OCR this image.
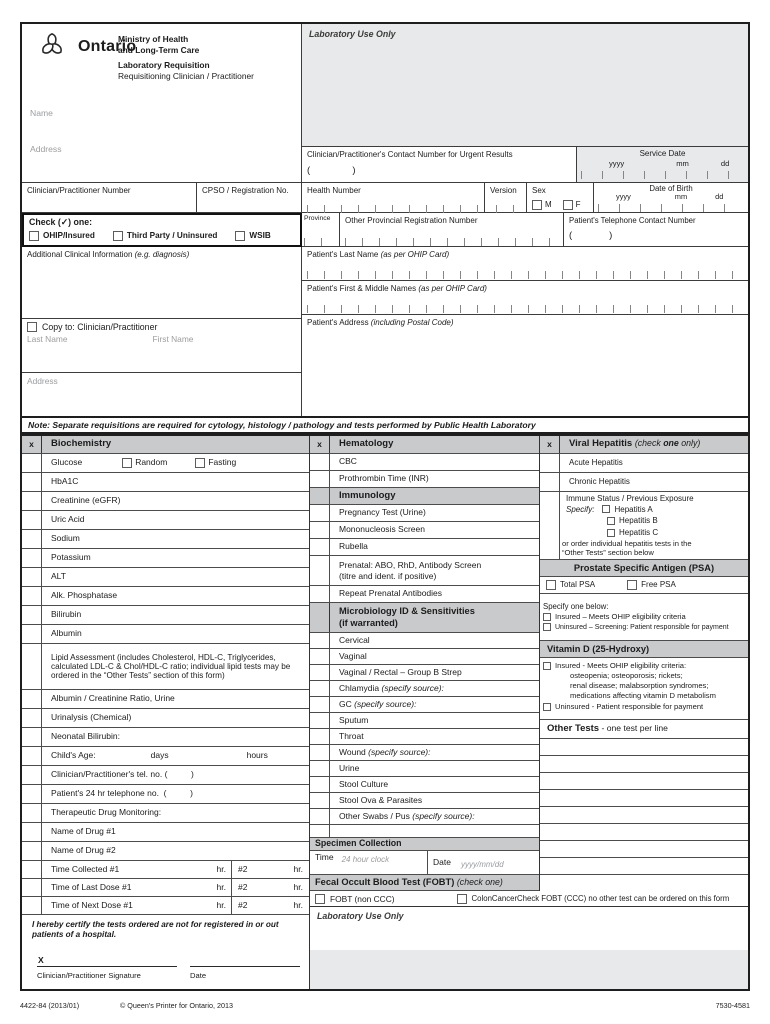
Ontario
Ministry of Health
and Long-Term Care
Laboratory Requisition
Requisitioning Clinician / Practitioner
Name
Address
Laboratory Use Only
Clinician/Practitioner's Contact Number for Urgent Results
(                )
Service Date
yyyy	mm	dd
Clinician/Practitioner Number	CPSO / Registration No.	Health Number	Version	Sex
M	F
Date of Birth
yyyy	mm	dd
Check (✓) one:
OHIP/Insured	Third Party / Uninsured	WSIB
Province	Other Provincial Registration Number	Patient's Telephone Contact Number
(              )
Additional Clinical Information (e.g. diagnosis)	Patient's Last Name (as per OHIP Card)
Patient's First & Middle Names (as per OHIP Card)
Patient's Address (including Postal Code)
Copy to: Clinician/Practitioner
Last Name	First Name
Address
Note: Separate requisitions are required for cytology, histology / pathology and tests performed by Public Health Laboratory
x	Biochemistry
Glucose	Random	Fasting
HbA1C
Creatinine (eGFR)
Uric Acid
Sodium
Potassium
ALT
Alk. Phosphatase
Bilirubin
Albumin
Lipid Assessment (includes Cholesterol, HDL-C, Triglycerides, calculated LDL-C & Chol/HDL-C ratio; individual lipid tests may be ordered in the “Other Tests” section of this form)
Albumin / Creatinine Ratio, Urine
Urinalysis (Chemical)
Neonatal Bilirubin:
Child's Age:	days	hours
Clinician/Practitioner's tel. no. (          )
Patient's 24 hr telephone no.  (          )
Therapeutic Drug Monitoring:
Name of Drug #1
Name of Drug #2
Time Collected #1	hr.	#2	hr.
Time of Last Dose #1	hr.	#2	hr.
Time of Next Dose #1	hr.	#2	hr.
I hereby certify the tests ordered are not for registered in or out patients of a hospital.
X
Clinician/Practitioner Signature	Date
x	Hematology
CBC
Prothrombin Time (INR)
Immunology
Pregnancy Test (Urine)
Mononucleosis Screen
Rubella
Prenatal: ABO, RhD, Antibody Screen
(titre and ident. if positive)
Repeat Prenatal Antibodies
Microbiology ID & Sensitivities
(if warranted)
Cervical
Vaginal
Vaginal / Rectal – Group B Strep
Chlamydia (specify source):
GC (specify source):
Sputum
Throat
Wound (specify source):
Urine
Stool Culture
Stool Ova & Parasites
Other Swabs / Pus (specify source):
Specimen Collection
Time 24 hour clock	Date yyyy/mm/dd
Fecal Occult Blood Test (FOBT) (check one)
x	Viral Hepatitis (check one only)
Acute Hepatitis
Chronic Hepatitis
Immune Status / Previous Exposure
Specify:	Hepatitis A
Hepatitis B
Hepatitis C
or order individual hepatitis tests in the
“Other Tests” section below
Prostate Specific Antigen (PSA)
Total PSA	Free PSA
Specify one below:
Insured – Meets OHIP eligibility criteria
Uninsured – Screening: Patient responsible for payment
Vitamin D (25-Hydroxy)
Insured - Meets OHIP eligibility criteria:
osteopenia; osteoporosis; rickets;
renal disease; malabsorption syndromes;
medications affecting vitamin D metabolism
Uninsured - Patient responsible for payment
Other Tests - one test per line
FOBT (non CCC)	ColonCancerCheck FOBT (CCC) no other test can be ordered on this form
Laboratory Use Only
4422-84 (2013/01)	© Queen's Printer for Ontario, 2013	7530-4581
